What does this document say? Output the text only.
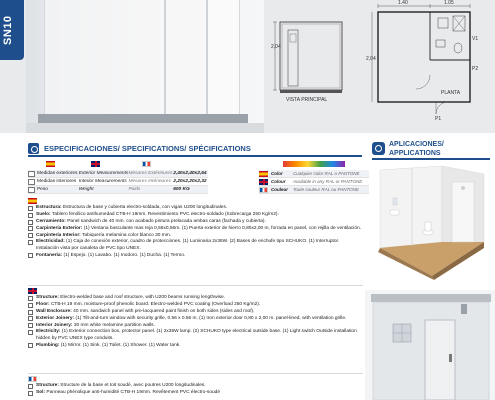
SN10
2,04
VISTA PRINCIPAL
1.40	1.05
PLANTA
P1
P2
V1
2,04
ESPECIFICACIONES/ SPECIFICATIONS/ SPÉCIFICATIONS	APLICACIONES/
APPLICATIONS
Medidas exteriores Exterior Measurements Mesures Extérieures 2,40x2,40x2,64
Medidas interiores Interior Measurements Mesures Intérieures 2,20x2,20x2,32
Peso	Weight	Poids	600 KG
Color	Cualquier color RAL o PANTONE
Colour	Available in any RAL or PANTONE
Couleur	Toute couleur RAL ou PANTONE

Estructura: Estructura de base y cubierta electro-soldada, con vigas U200 longitudinales.

Suelo: Tablero fenólico antihumedad CTB-H 19mm. Revestimiento PVC electro-soldado (Sobrecarga 250 Kg/m2).

Cerramiento: Panel sandwich de 40 mm. con acabado pintura prelacada ambas caras (fachada y cubierta).

Carpintería Exterior: (1) Ventana basculante mas reja 0,56x0,56m. (1) Puerta exterior de hierro 0,80x2,00 m, forrada en panel, con rejilla de ventilación.

Carpintería Interior: Tabiquería melamina color blanco 30 mm.

Electricidad: (1) Caja de conexión exterior, cuadro de protecciones. (1) Luminaria 2x36W. (2) Bases de enchufe tipo SCHUKO. (1) Interruptor. Instalación vista por canaleta de PVC tipo UNEX.

Fontanería: (1) Espejo. (1) Lavabo. (1) Inodoro. (1) Ducha. (1) Termo.

Structure: Electro-welded base and roof structure, with U200 beams running lengthwise.

Floor: CTB-H 19 mm. moisture-proof phenolic board. Electro-welded PVC coating (Overload 250 Kg/m2).

Wall Enclosure: 40 mm. sandwich panel with pre-lacquered paint finish on both sides (sides and roof).

Exterior Joinery: (1) Tilt-and-turn window with security grille, 0.56 x 0.56 m. (1) Iron exterior door 0,80 x 2,00 m. panel-lined, with ventilation grille.

Interior Joinery: 30 mm white melamine partition walls.

Electricity: (1) Exterior connection box, protector panel. (1) 2x36W lamp. (2) SCHUKO type electrical outside base. (1) Light switch Outside installation hidden by PVC UNEX type conduits.

Plumbing: (1) Mirror. (1) Sink. (1) Toilet. (1) Shower. (1) Water tank.

Structure: Structure de la base et toit soudé, avec poutres U200 longitudinales.

Sol: Panneau phénolique anti-humidité CTB-H 19mm. Revêtement PVC électro-soudé
